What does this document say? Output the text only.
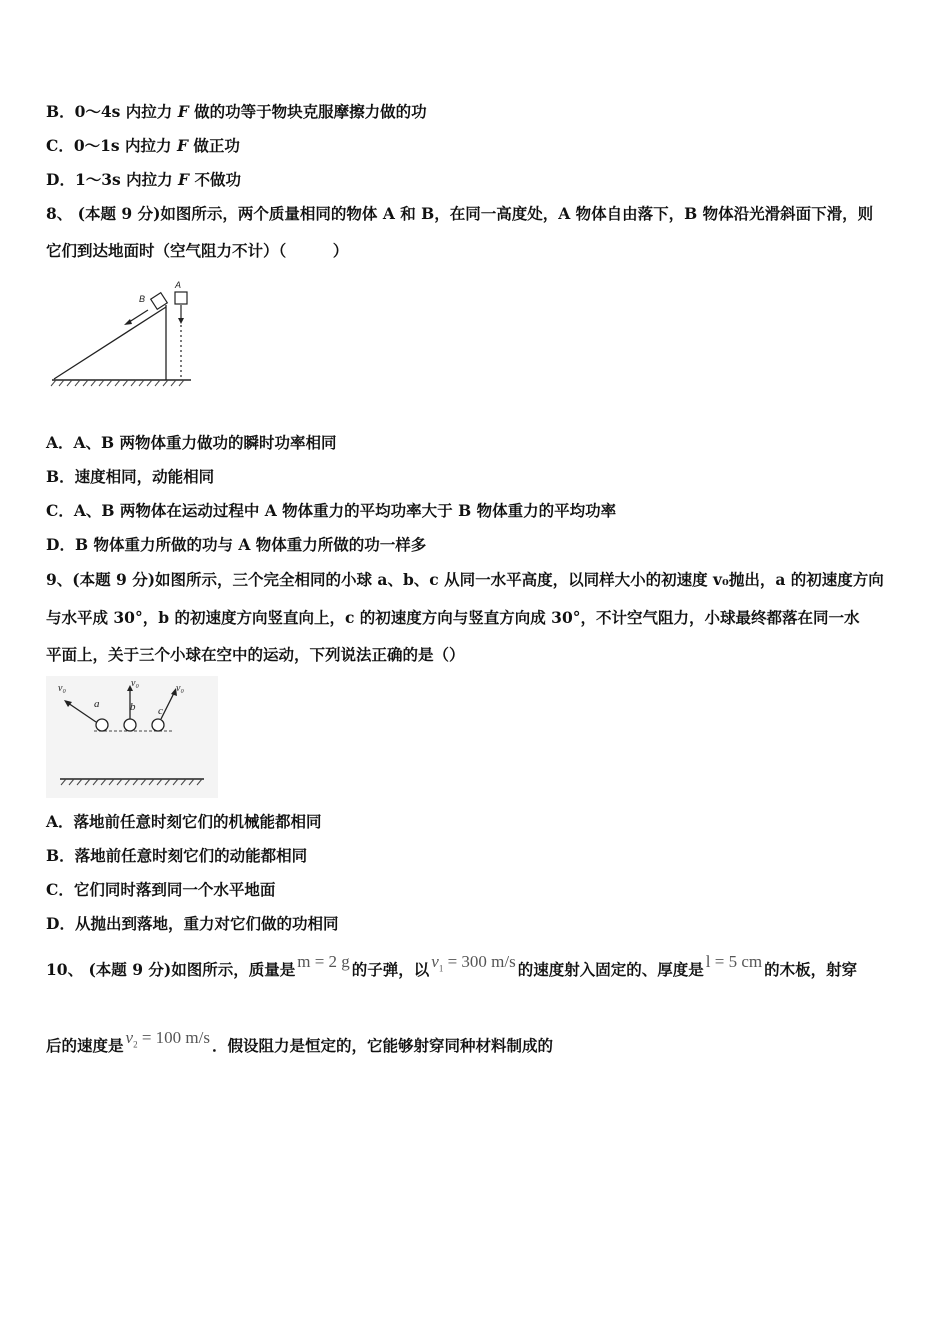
B．0～4s 内拉力 F 做的功等于物块克服摩擦力做的功
C．0～1s 内拉力 F 做正功
D．1～3s 内拉力 F 不做功
8、 (本题 9 分)如图所示，两个质量相同的物体 A 和 B，在同一高度处，A 物体自由落下，B 物体沿光滑斜面下滑，则
它们到达地面时（空气阻力不计）（　　　）
B
A
A．A、B 两物体重力做功的瞬时功率相同
B．速度相同，动能相同
C．A、B 两物体在运动过程中 A 物体重力的平均功率大于 B 物体重力的平均功率
D．B 物体重力所做的功与 A 物体重力所做的功一样多
9、(本题 9 分)如图所示，三个完全相同的小球 a、b、c 从同一水平高度，以同样大小的初速度 v₀抛出，a 的初速度方向
与水平成 30°，b 的初速度方向竖直向上，c 的初速度方向与竖直方向成 30°，不计空气阻力，小球最终都落在同一水
平面上，关于三个小球在空中的运动，下列说法正确的是（）
v₀
a
v₀
b
v₀
c
A．落地前任意时刻它们的机械能都相同
B．落地前任意时刻它们的动能都相同
C．它们同时落到同一个水平地面
D．从抛出到落地，重力对它们做的功相同
10、 (本题 9 分)如图所示，质量是 m = 2 g 的子弹，以 $v_1 = 300$ m/s 的速度射入固定的、厚度是 l = 5 cm 的木板，射穿
后的速度是 $v_2 = 100$ m/s ．假设阻力是恒定的，它能够射穿同种材料制成的
